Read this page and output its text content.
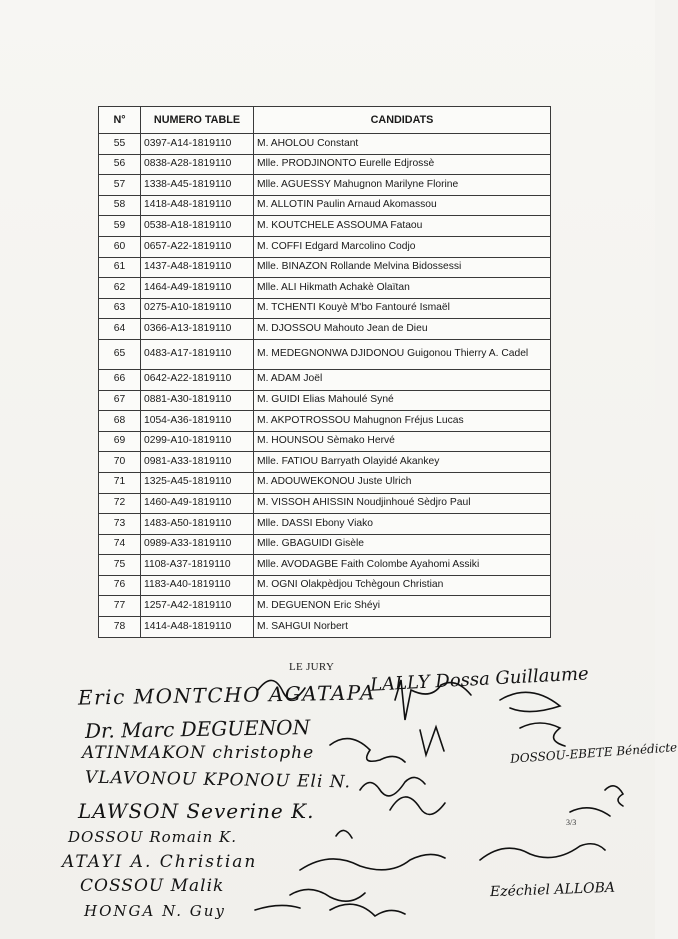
N°	NUMERO TABLE	CANDIDATS
55	0397-A14-1819110	M. AHOLOU Constant
56	0838-A28-1819110	Mlle. PRODJINONTO Eurelle Edjrossè
57	1338-A45-1819110	Mlle. AGUESSY Mahugnon Marilyne Florine
58	1418-A48-1819110	M. ALLOTIN Paulin Arnaud Akomassou
59	0538-A18-1819110	M. KOUTCHELE ASSOUMA Fataou
60	0657-A22-1819110	M. COFFI Edgard Marcolino Codjo
61	1437-A48-1819110	Mlle. BINAZON Rollande Melvina Bidossessi
62	1464-A49-1819110	Mlle. ALI Hikmath Achakè Olaïtan
63	0275-A10-1819110	M. TCHENTI Kouyè M'bo Fantouré Ismaël
64	0366-A13-1819110	M. DJOSSOU Mahouto Jean de Dieu
65	0483-A17-1819110	M. MEDEGNONWA DJIDONOU Guigonou Thierry A. Cadel
66	0642-A22-1819110	M. ADAM Joël
67	0881-A30-1819110	M. GUIDI Elias Mahoulé Syné
68	1054-A36-1819110	M. AKPOTROSSOU Mahugnon Fréjus Lucas
69	0299-A10-1819110	M. HOUNSOU Sèmako Hervé
70	0981-A33-1819110	Mlle. FATIOU Barryath Olayidé Akankey
71	1325-A45-1819110	M. ADOUWEKONOU Juste Ulrich
72	1460-A49-1819110	M. VISSOH AHISSIN Noudjinhoué Sèdjro Paul
73	1483-A50-1819110	Mlle. DASSI Ebony Viako
74	0989-A33-1819110	Mlle. GBAGUIDI Gisèle
75	1108-A37-1819110	Mlle. AVODAGBE Faith Colombe Ayahomi Assiki
76	1183-A40-1819110	M. OGNI Olakpèdjou Tchègoun Christian
77	1257-A42-1819110	M. DEGUENON Eric Shéyi
78	1414-A48-1819110	M. SAHGUI Norbert
LE JURY
3/3
Eric MONTCHO AGATAPA
Dr. Marc DEGUENON
ATINMAKON christophe
VLAVONOU KPONOU Eli N.
LAWSON Severine K.
DOSSOU Romain K.
ATAYI A. Christian
COSSOU Malik
HONGA N. Guy
LALLY Dossa Guillaume
DOSSOU-EBETE Bénédicte
Ezéchiel ALLOBA
